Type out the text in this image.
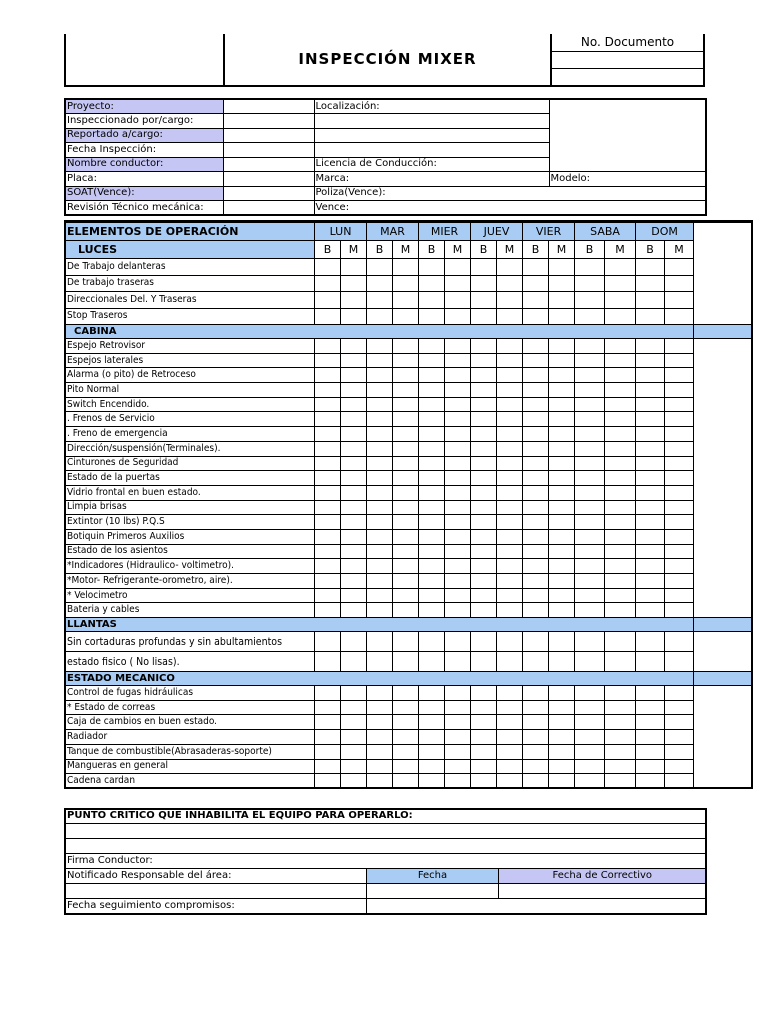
INSPECCIÓN MIXER
No. Documento
Proyecto:		Localización:	
Inspeccionado por/cargo:			
Reportado a/cargo:			
Fecha Inspección:			
Nombre conductor:		Licencia de Conducción:	
Placa:		Marca:	Modelo:
SOAT(Vence):		Poliza(Vence):	
Revisión Técnico mecánica:		Vence:	
ELEMENTOS DE OPERACIÓN	LUN		MAR		MIER		JUEV		VIER		SABA		DOM		
LUCES	B	M	B	M	B	M	B	M	B	M	B	M	B	M	
De Trabajo delanteras															
De trabajo traseras															
Direccionales Del. Y Traseras															
Stop Traseros															
CABINA															
Espejo Retrovisor															
Espejos laterales															
Alarma (o pito) de Retroceso															
Pito Normal															
Switch Encendido.															
. Frenos de Servicio															
. Freno de emergencia															
Dirección/suspensión(Terminales).															
Cinturones de Seguridad															
Estado de la puertas															
Vidrio frontal en buen estado.															
Limpia brisas															
Extintor (10 lbs) P.Q.S															
Botiquin Primeros Auxilios															
Estado de los asientos															
*Indicadores (Hidraulico- voltimetro).															
*Motor- Refrigerante-orometro, aire).															
* Velocimetro															
Bateria y cables															
LLANTAS															
Sin cortaduras profundas y sin abultamientos															
estado fisico ( No lisas).															
ESTADO MECANICO															
Control de fugas hidráulicas															
* Estado de correas															
Caja de cambios en buen estado.															
Radiador															
Tanque de combustible(Abrasaderas-soporte)															
Mangueras en general															
Cadena cardan															
PUNTO CRITICO QUE INHABILITA EL EQUIPO PARA OPERARLO:		

Firma Conductor:		
Notificado Responsable del área:	Fecha	Fecha de Correctivo

Fecha seguimiento compromisos:		
